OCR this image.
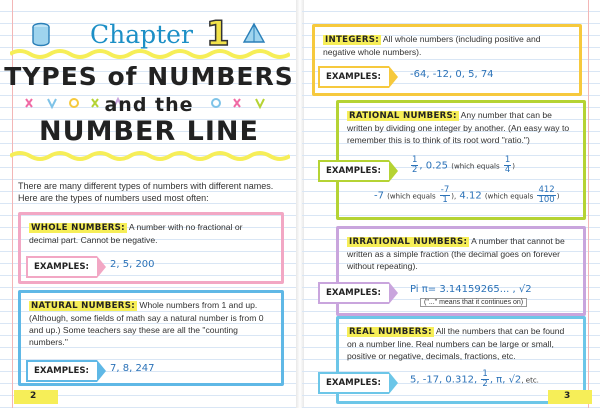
Chapter 1
TYPES of NUMBERS
and the
NUMBER LINE
There are many different types of numbers with different names. Here are the types of numbers used most often:
WHOLE NUMBERS: A number with no fractional or decimal part. Cannot be negative.
EXAMPLES:	2, 5, 200
NATURAL NUMBERS: Whole numbers from 1 and up. (Although, some fields of math say a natural number is from 0 and up.) Some teachers say these are all the "counting numbers."
EXAMPLES:	7, 8, 247
2
INTEGERS: All whole numbers (including positive and negative whole numbers).
EXAMPLES:	-64, -12, 0, 5, 74
RATIONAL NUMBERS: Any number that can be written by dividing one integer by another. (An easy way to remember this is to think of its root word "ratio.")
EXAMPLES:	$\frac{1}{2}$ , 0.25 (which equals $\frac{1}{4}$ )
-7 (which equals $\frac{-7}{1}$ ), 4.12 (which equals $\frac{412}{100}$ )
IRRATIONAL NUMBERS: A number that cannot be written as a simple fraction (the decimal goes on forever without repeating).
EXAMPLES:	Pi π= 3.14159265... , √2
("..." means that it continues on)
REAL NUMBERS: All the numbers that can be found on a number line. Real numbers can be large or small, positive or negative, decimals, fractions, etc.
EXAMPLES:	5, -17, 0.312, $\frac{1}{2}$ , π, √2, etc.
3
